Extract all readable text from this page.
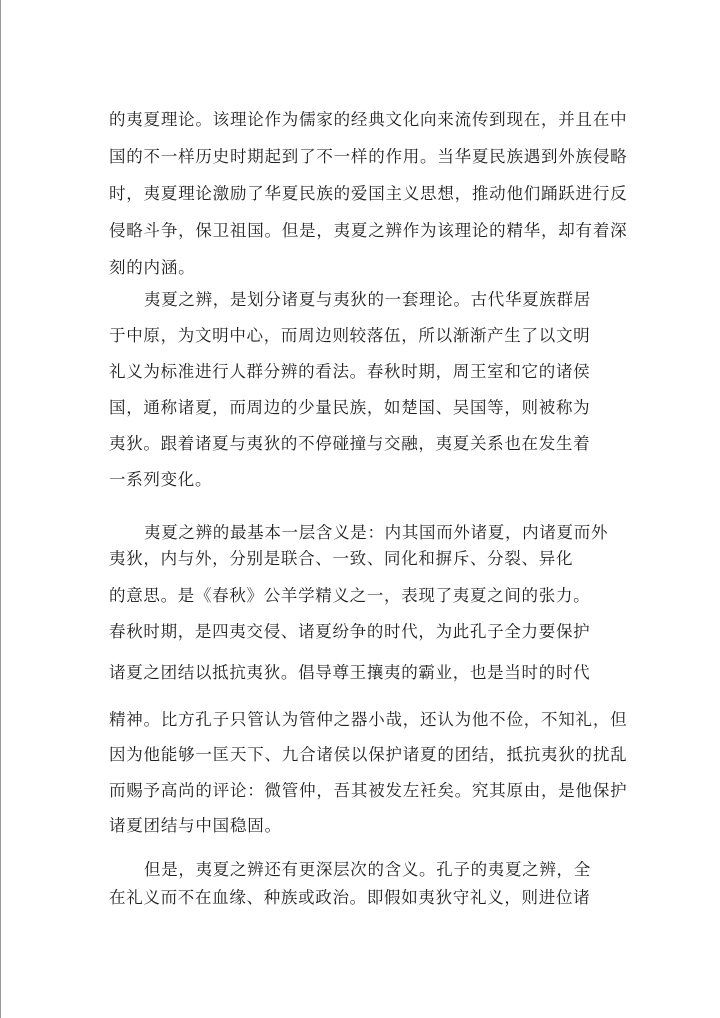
的夷夏理论。该理论作为儒家的经典文化向来流传到现在，并且在中
国的不一样历史时期起到了不一样的作用。当华夏民族遇到外族侵略
时，夷夏理论激励了华夏民族的爱国主义思想，推动他们踊跃进行反
侵略斗争，保卫祖国。但是，夷夏之辨作为该理论的精华，却有着深
刻的内涵。
夷夏之辨，是划分诸夏与夷狄的一套理论。古代华夏族群居
于中原，为文明中心，而周边则较落伍，所以渐渐产生了以文明
礼义为标准进行人群分辨的看法。春秋时期，周王室和它的诸侯
国，通称诸夏，而周边的少量民族，如楚国、吴国等，则被称为
夷狄。跟着诸夏与夷狄的不停碰撞与交融，夷夏关系也在发生着
一系列变化。
夷夏之辨的最基本一层含义是：内其国而外诸夏，内诸夏而外
夷狄，内与外，分别是联合、一致、同化和摒斥、分裂、异化
的意思。是《春秋》公羊学精义之一，表现了夷夏之间的张力。
春秋时期，是四夷交侵、诸夏纷争的时代，为此孔子全力要保护
诸夏之团结以抵抗夷狄。倡导尊王攘夷的霸业，也是当时的时代
精神。比方孔子只管认为管仲之器小哉，还认为他不俭，不知礼，但
因为他能够一匡天下、九合诸侯以保护诸夏的团结，抵抗夷狄的扰乱
而赐予高尚的评论：微管仲，吾其被发左衽矣。究其原由，是他保护
诸夏团结与中国稳固。
但是，夷夏之辨还有更深层次的含义。孔子的夷夏之辨，全
在礼义而不在血缘、种族或政治。即假如夷狄守礼义，则进位诸
